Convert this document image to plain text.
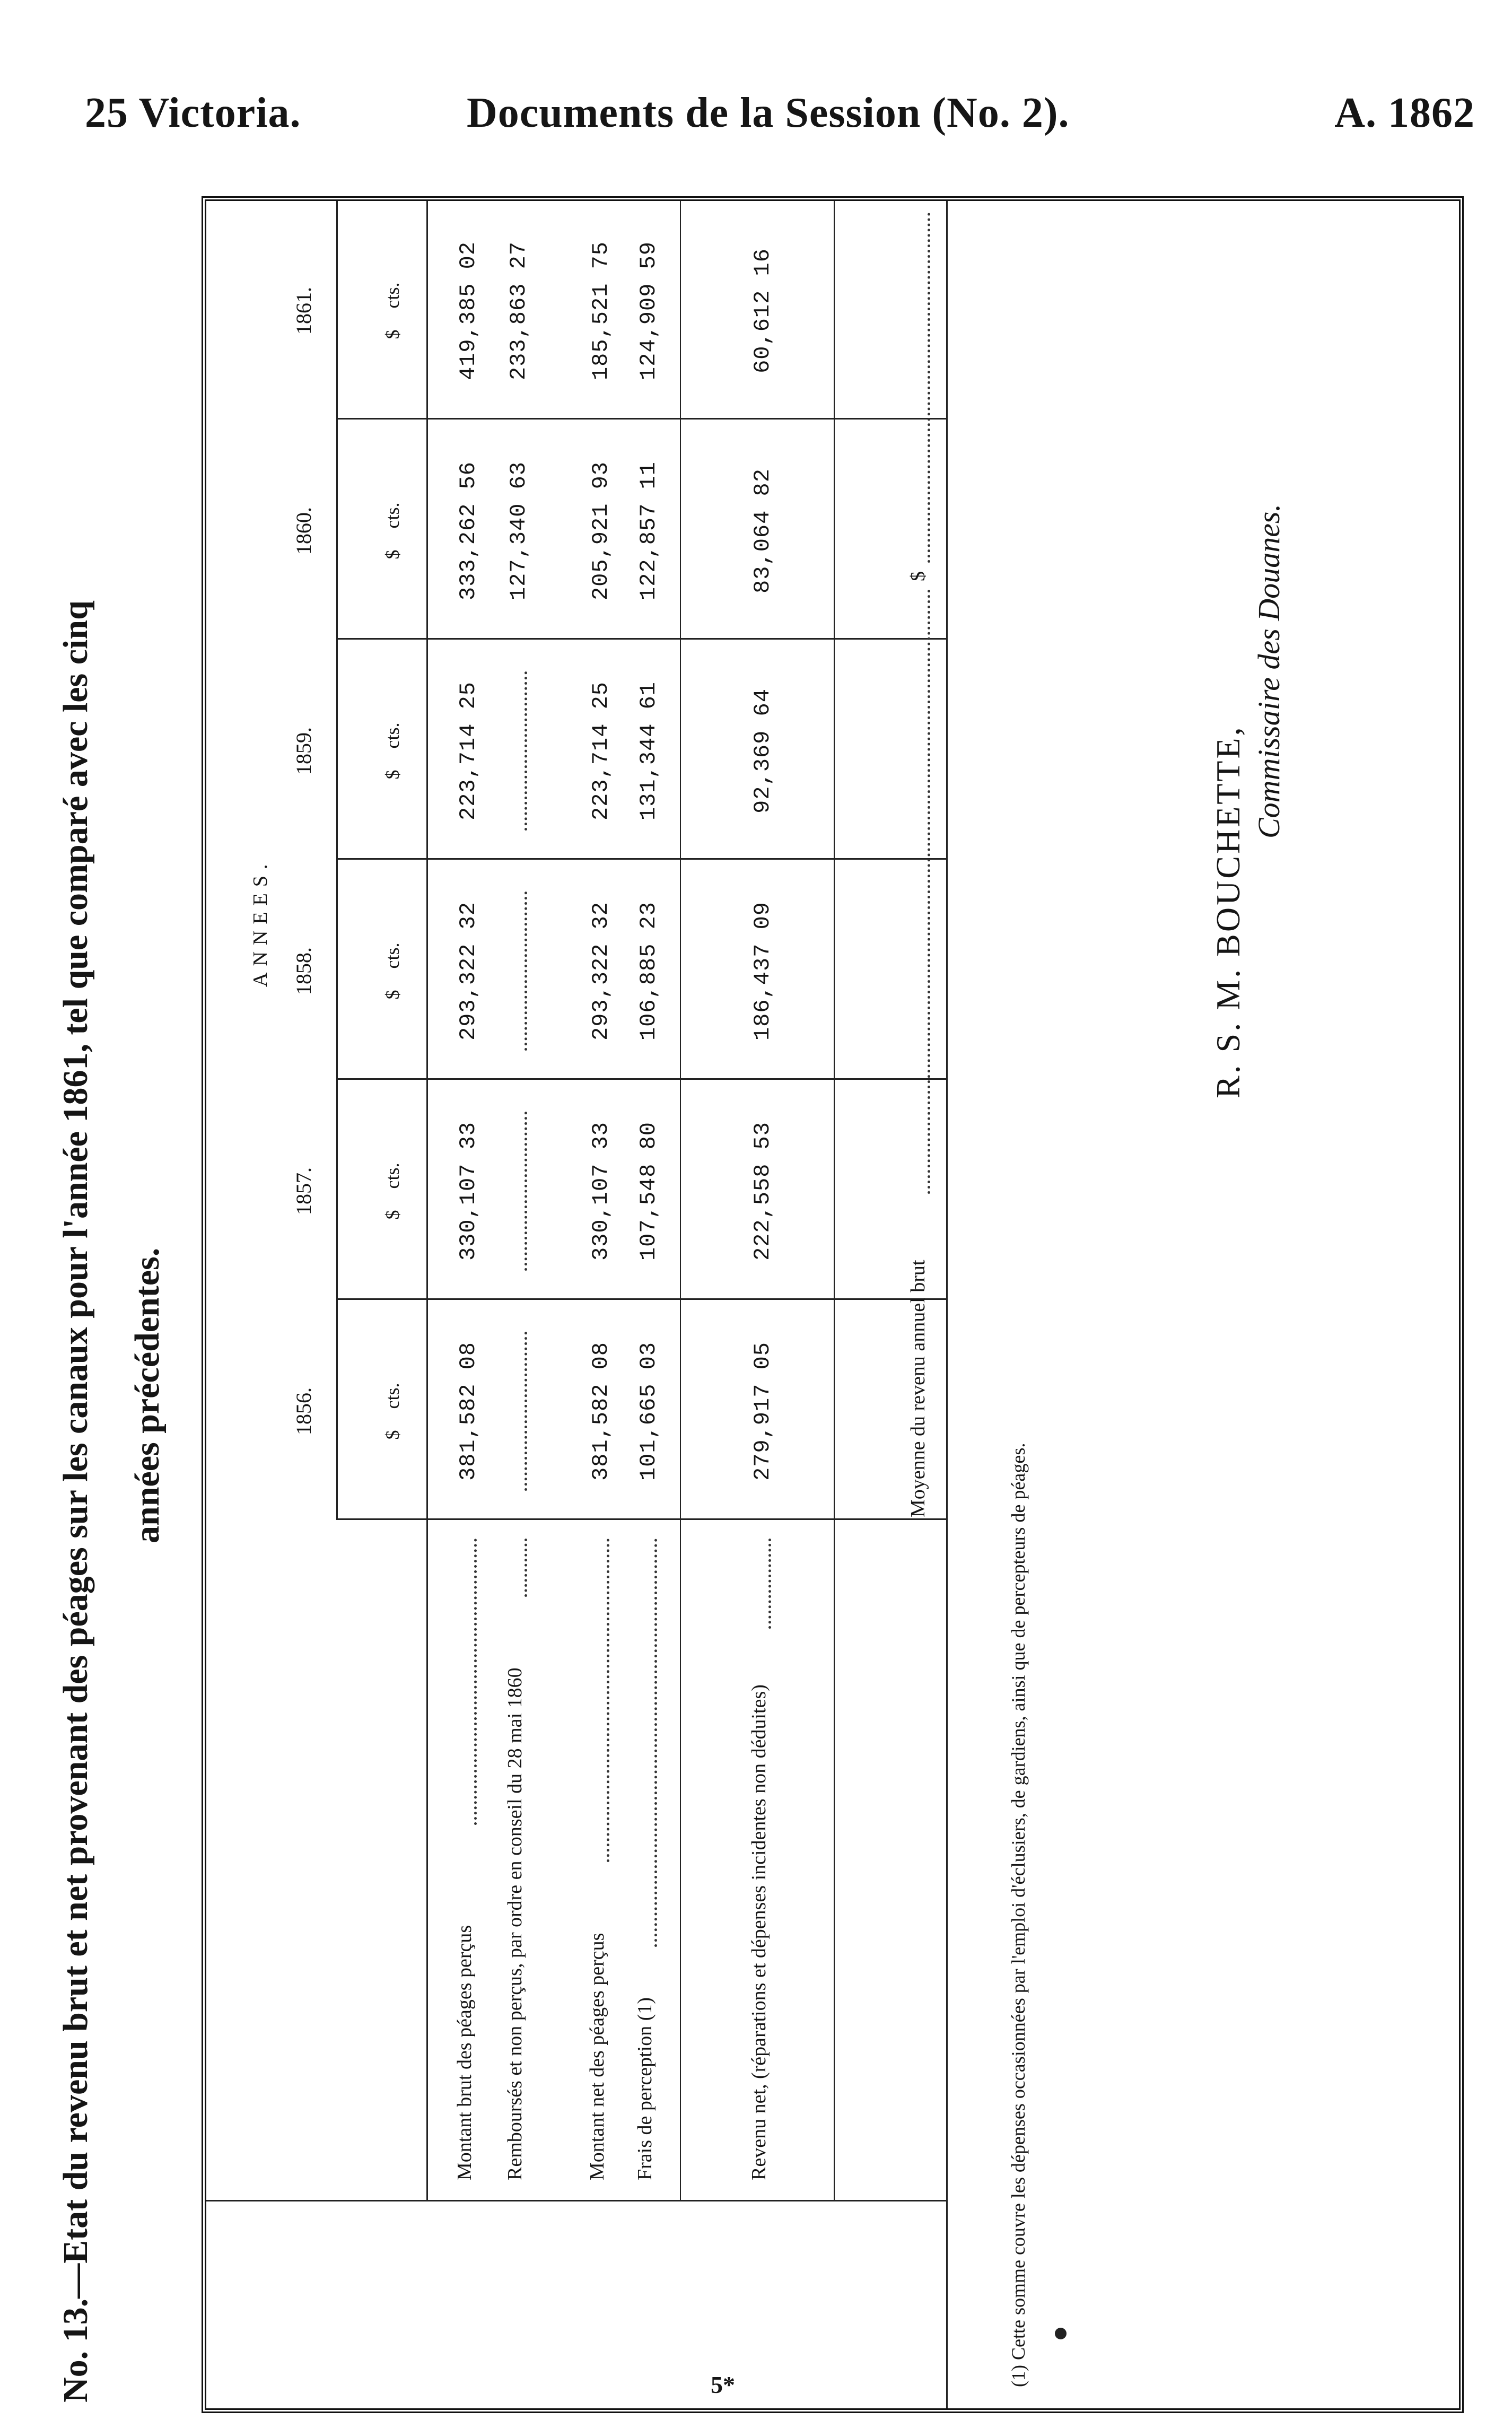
25 Victoria.	Documents de la Session (No. 2).	A. 1862
No. 13.—Etat du revenu brut et net provenant des péages sur les canaux pour l'année 1861, tel que comparé avec les cinq années précédentes.
ANNEES.
1856.
1857.
1858.
1859.
1860.
1861.
$cts.
$cts.
$cts.
$cts.
$cts.
$cts.
Montant brut des péages perçus
381,582 08
330,107 33
293,322 32
223,714 25
333,262 56
419,385 02
Remboursés et non perçus, par ordre en conseil du 28 mai 1860
127,340 63
233,863 27
Montant net des péages perçus
381,582 08
330,107 33
293,322 32
223,714 25
205,921 93
185,521 75
Frais de perception (1)
101,665 03
107,548 80
106,885 23
131,344 61
122,857 11
124,909 59
Revenu net, (réparations et dépenses incidentes non déduites)
279,917 05
222,558 53
186,437 09
92,369 64
83,064 82
60,612 16
Moyenne du revenu annuel brut
$
(1) Cette somme couvre les dépenses occasionnées par l'emploi d'éclusiers, de gardiens, ainsi que de percepteurs de péages.
R. S. M. BOUCHETTE,
Commissaire des Douanes.
5*
